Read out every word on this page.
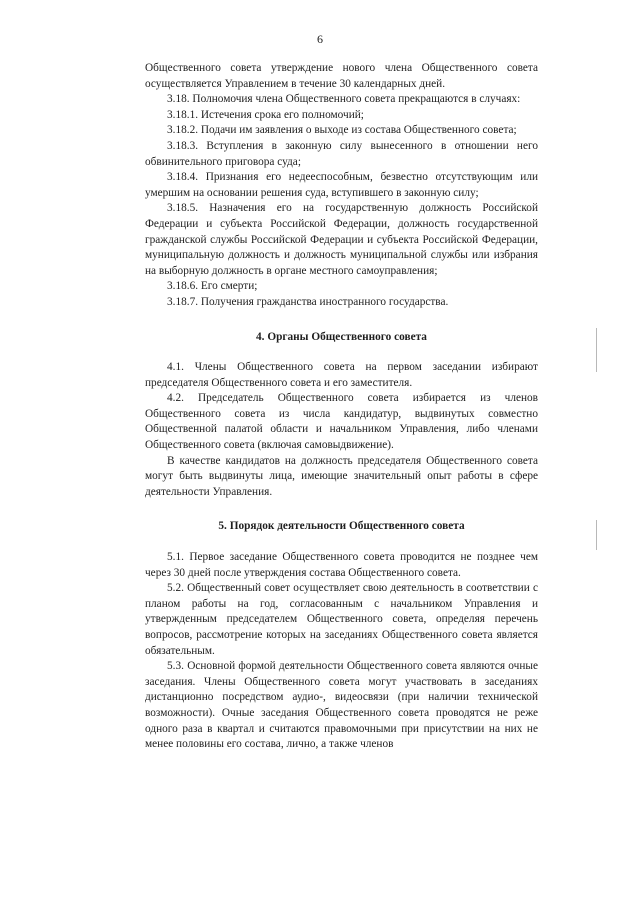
6

Общественного совета утверждение нового члена Общественного совета осуществляется Управлением в течение 30 календарных дней.

3.18. Полномочия члена Общественного совета прекращаются в случаях:

3.18.1. Истечения срока его полномочий;

3.18.2. Подачи им заявления о выходе из состава Общественного совета;

3.18.3. Вступления в законную силу вынесенного в отношении него обвинительного приговора суда;

3.18.4. Признания его недееспособным, безвестно отсутствующим или умершим на основании решения суда, вступившего в законную силу;

3.18.5. Назначения его на государственную должность Российской Федерации и субъекта Российской Федерации, должность государственной гражданской службы Российской Федерации и субъекта Российской Федерации, муниципальную должность и должность муниципальной службы или избрания на выборную должность в органе местного самоуправления;

3.18.6. Его смерти;

3.18.7. Получения гражданства иностранного государства.

4. Органы Общественного совета

4.1. Члены Общественного совета на первом заседании избирают председателя Общественного совета и его заместителя.

4.2. Председатель Общественного совета избирается из членов Общественного совета из числа кандидатур, выдвинутых совместно Общественной палатой области и начальником Управления, либо членами Общественного совета (включая самовыдвижение).

В качестве кандидатов на должность председателя Общественного совета могут быть выдвинуты лица, имеющие значительный опыт работы в сфере деятельности Управления.

5. Порядок деятельности Общественного совета

5.1. Первое заседание Общественного совета проводится не позднее чем через 30 дней после утверждения состава Общественного совета.

5.2. Общественный совет осуществляет свою деятельность в соответствии с планом работы на год, согласованным с начальником Управления и утвержденным председателем Общественного совета, определяя перечень вопросов, рассмотрение которых на заседаниях Общественного совета является обязательным.

5.3. Основной формой деятельности Общественного совета являются очные заседания. Члены Общественного совета могут участвовать в заседаниях дистанционно посредством аудио-, видеосвязи (при наличии технической возможности). Очные заседания Общественного совета проводятся не реже одного раза в квартал и считаются правомочными при присутствии на них не менее половины его состава, лично, а также членов
